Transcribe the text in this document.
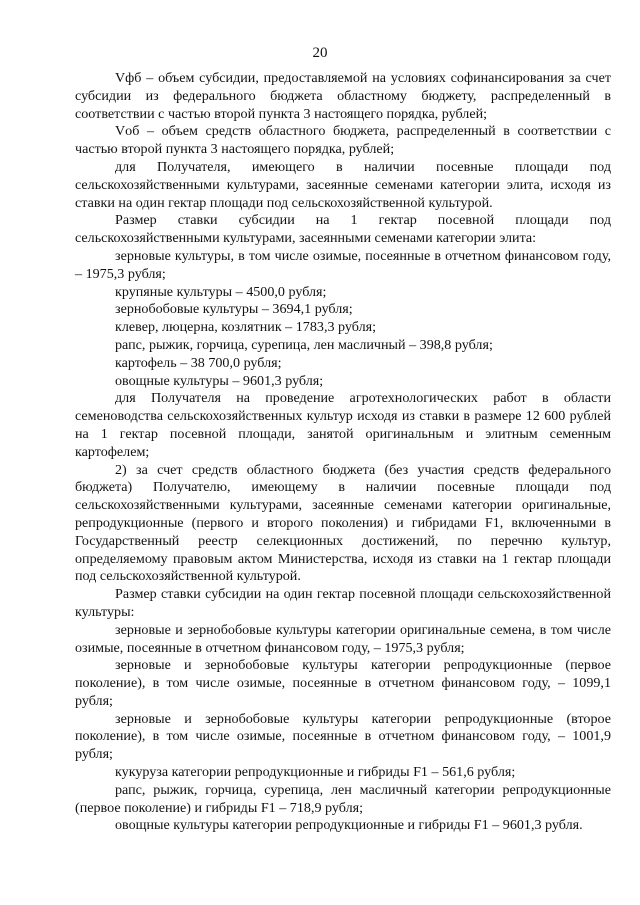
20

Vфб – объем субсидии, предоставляемой на условиях софинансирования за счет субсидии из федерального бюджета областному бюджету, распределенный в соответствии с частью второй пункта 3 настоящего порядка, рублей;

Vоб – объем средств областного бюджета, распределенный в соответствии с частью второй пункта 3 настоящего порядка, рублей;

для Получателя, имеющего в наличии посевные площади под сельскохозяйственными культурами, засеянные семенами категории элита, исходя из ставки на один гектар площади под сельскохозяйственной культурой.

Размер ставки субсидии на 1 гектар посевной площади под сельскохозяйственными культурами, засеянными семенами категории элита:

зерновые культуры, в том числе озимые, посеянные в отчетном финансовом году, – 1975,3 рубля;

крупяные культуры – 4500,0 рубля;

зернобобовые культуры – 3694,1 рубля;

клевер, люцерна, козлятник – 1783,3 рубля;

рапс, рыжик, горчица, сурепица, лен масличный – 398,8 рубля;

картофель – 38 700,0 рубля;

овощные культуры – 9601,3 рубля;

для Получателя на проведение агротехнологических работ в области семеноводства сельскохозяйственных культур исходя из ставки в размере 12 600 рублей на 1 гектар посевной площади, занятой оригинальным и элитным семенным картофелем;

2) за счет средств областного бюджета (без участия средств федерального бюджета) Получателю, имеющему в наличии посевные площади под сельскохозяйственными культурами, засеянные семенами категории оригинальные, репродукционные (первого и второго поколения) и гибридами F1, включенными в Государственный реестр селекционных достижений, по перечню культур, определяемому правовым актом Министерства, исходя из ставки на 1 гектар площади под сельскохозяйственной культурой.

Размер ставки субсидии на один гектар посевной площади сельскохозяйственной культуры:

зерновые и зернобобовые культуры категории оригинальные семена, в том числе озимые, посеянные в отчетном финансовом году, – 1975,3 рубля;

зерновые и зернобобовые культуры категории репродукционные (первое поколение), в том числе озимые, посеянные в отчетном финансовом году, – 1099,1 рубля;

зерновые и зернобобовые культуры категории репродукционные (второе поколение), в том числе озимые, посеянные в отчетном финансовом году, – 1001,9 рубля;

кукуруза категории репродукционные и гибриды F1 – 561,6 рубля;

рапс, рыжик, горчица, сурепица, лен масличный категории репродукционные (первое поколение) и гибриды F1 – 718,9 рубля;

овощные культуры категории репродукционные и гибриды F1 – 9601,3 рубля.
